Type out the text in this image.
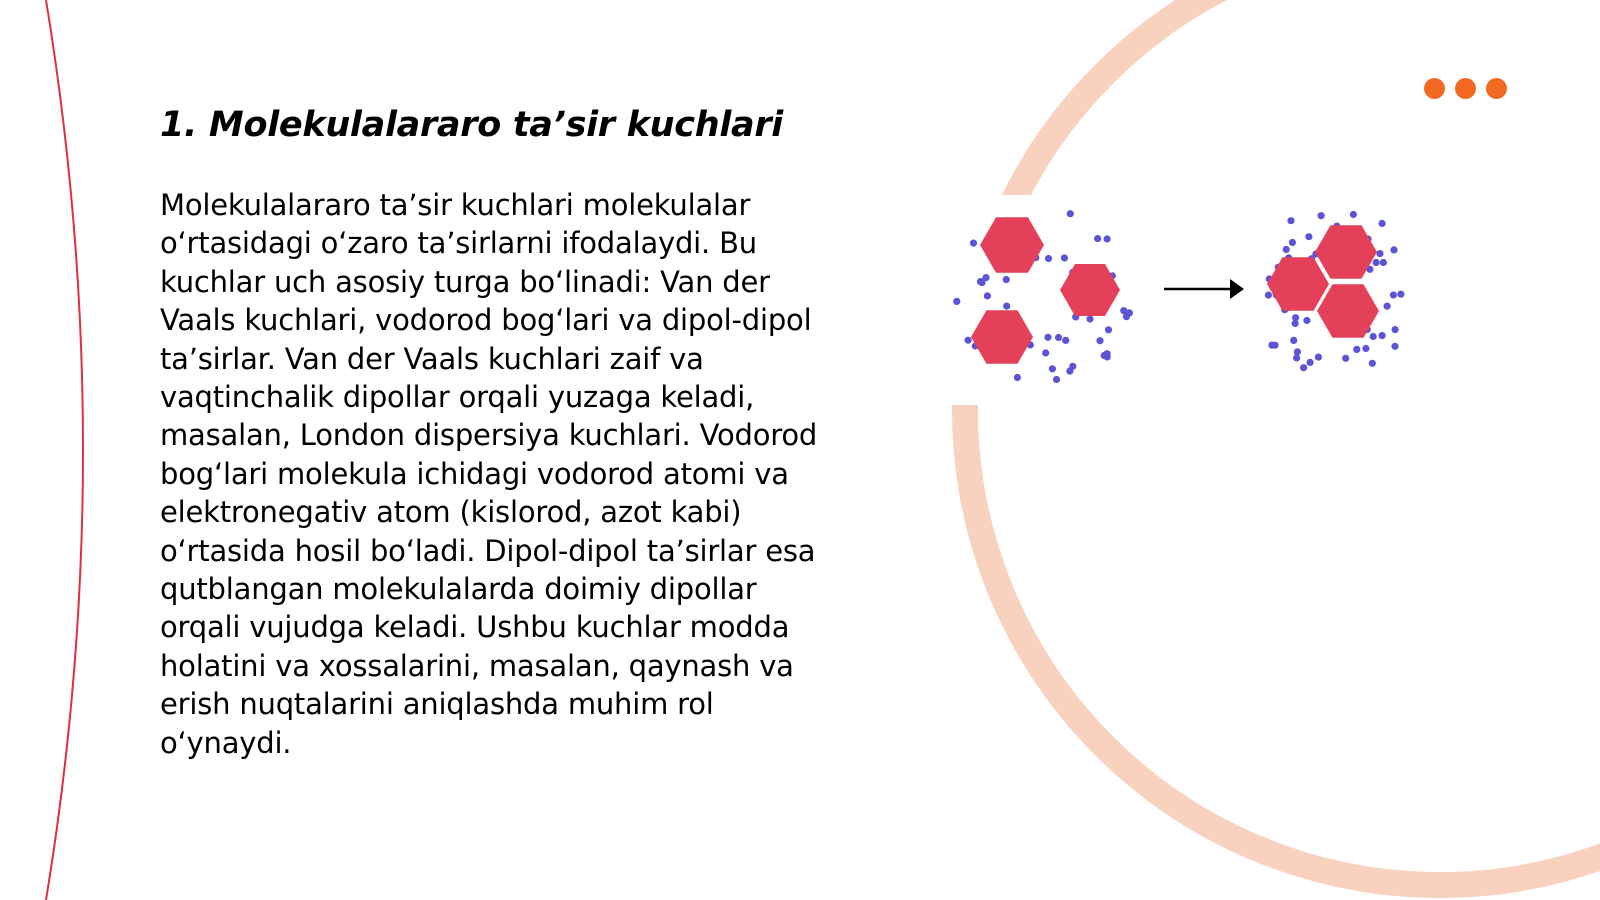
1. Molekulalararo ta’sir kuchlari

Molekulalararo ta’sir kuchlari molekulalar o‘rtasidagi o‘zaro ta’sirlarni ifodalaydi. Bu kuchlar uch asosiy turga bo‘linadi: Van der Vaals kuchlari, vodorod bog‘lari va dipol-dipol ta’sirlar. Van der Vaals kuchlari zaif va vaqtinchalik dipollar orqali yuzaga keladi, masalan, London dispersiya kuchlari. Vodorod bog‘lari molekula ichidagi vodorod atomi va elektronegativ atom (kislorod, azot kabi) o‘rtasida hosil bo‘ladi. Dipol-dipol ta’sirlar esa qutblangan molekulalarda doimiy dipollar orqali vujudga keladi. Ushbu kuchlar modda holatini va xossalarini, masalan, qaynash va erish nuqtalarini aniqlashda muhim rol o‘ynaydi.
